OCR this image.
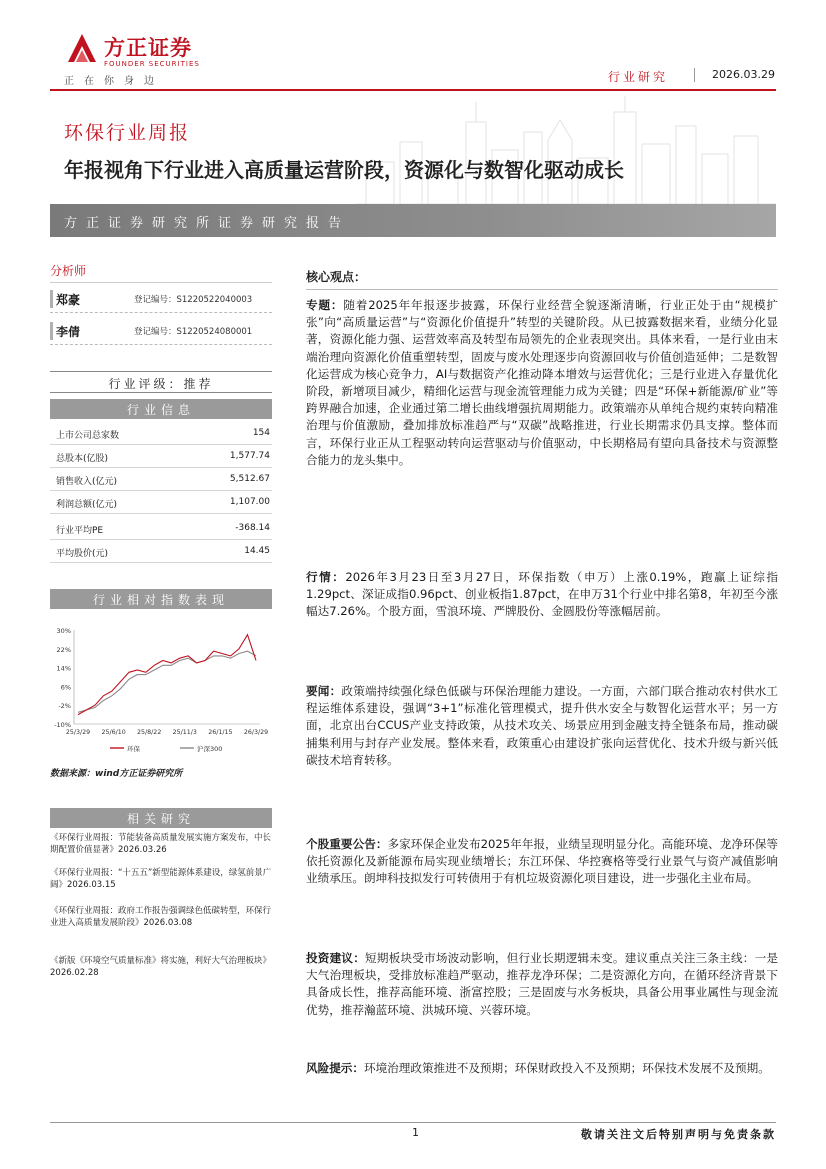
方正证券
FOUNDER SECURITIES
正在你身边	行业研究	2026.03.29
环保行业周报
年报视角下行业进入高质量运营阶段，资源化与数智化驱动成长
方正证券研究所证券研究报告
分析师
郑豪	登记编号：S1220522040003
李倩	登记编号：S1220524080001
行业评级：推荐
行业信息
上市公司总家数	154
总股本(亿股)	1,577.74
销售收入(亿元)	5,512.67
利润总额(亿元)	1,107.00
行业平均PE	-368.14
平均股价(元)	14.45
行业相对指数表现
30%
22%
14%
6%
-2%
-10%
25/3/29 25/6/10 25/8/22 25/11/3 26/1/15 26/3/29
环保	沪深300
数据来源：wind方正证券研究所
相关研究
《环保行业周报：节能装备高质量发展实施方案发布，中长期配置价值显著》2026.03.26
《环保行业周报：“十五五”新型能源体系建设，绿氢前景广阔》2026.03.15
《环保行业周报：政府工作报告强调绿色低碳转型，环保行业进入高质量发展阶段》2026.03.08
《新版《环境空气质量标准》将实施，利好大气治理板块》2026.02.28
核心观点：
专题：随着2025年年报逐步披露，环保行业经营全貌逐渐清晰，行业正处于由“规模扩张”向“高质量运营”与“资源化价值提升”转型的关键阶段。从已披露数据来看，业绩分化显著，资源化能力强、运营效率高及转型布局领先的企业表现突出。具体来看，一是行业由末端治理向资源化价值重塑转型，固废与废水处理逐步向资源回收与价值创造延伸；二是数智化运营成为核心竞争力，AI与数据资产化推动降本增效与运营优化；三是行业进入存量优化阶段，新增项目减少，精细化运营与现金流管理能力成为关键；四是“环保+新能源/矿业”等跨界融合加速，企业通过第二增长曲线增强抗周期能力。政策端亦从单纯合规约束转向精准治理与价值激励，叠加排放标准趋严与“双碳”战略推进，行业长期需求仍具支撑。整体而言，环保行业正从工程驱动转向运营驱动与价值驱动，中长期格局有望向具备技术与资源整合能力的龙头集中。
行情：2026年3月23日至3月27日，环保指数（申万）上涨0.19%，跑赢上证综指1.29pct、深证成指0.96pct、创业板指1.87pct，在申万31个行业中排名第8，年初至今涨幅达7.26%。个股方面，雪浪环境、严牌股份、金圆股份等涨幅居前。
要闻：政策端持续强化绿色低碳与环保治理能力建设。一方面，六部门联合推动农村供水工程运维体系建设，强调“3+1”标准化管理模式，提升供水安全与数智化运营水平；另一方面，北京出台CCUS产业支持政策，从技术攻关、场景应用到金融支持全链条布局，推动碳捕集利用与封存产业发展。整体来看，政策重心由建设扩张向运营优化、技术升级与新兴低碳技术培育转移。
个股重要公告：多家环保企业发布2025年年报，业绩呈现明显分化。高能环境、龙净环保等依托资源化及新能源布局实现业绩增长；东江环保、华控赛格等受行业景气与资产减值影响业绩承压。朗坤科技拟发行可转债用于有机垃圾资源化项目建设，进一步强化主业布局。
投资建议：短期板块受市场波动影响，但行业长期逻辑未变。建议重点关注三条主线：一是大气治理板块，受排放标准趋严驱动，推荐龙净环保；二是资源化方向，在循环经济背景下具备成长性，推荐高能环境、浙富控股；三是固废与水务板块，具备公用事业属性与现金流优势，推荐瀚蓝环境、洪城环境、兴蓉环境。
风险提示：环境治理政策推进不及预期；环保财政投入不及预期；环保技术发展不及预期。
1	敬请关注文后特别声明与免责条款
